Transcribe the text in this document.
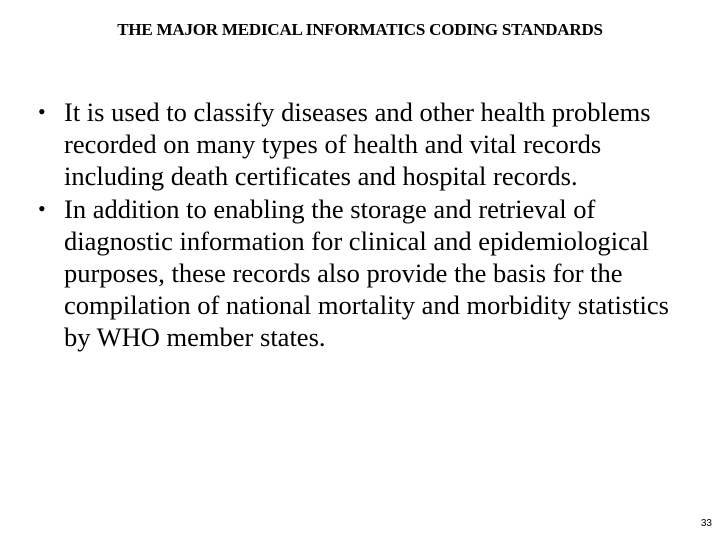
THE MAJOR MEDICAL INFORMATICS CODING STANDARDS
• It is used to classify diseases and other health problems recorded on many types of health and vital records including death certificates and hospital records.
• In addition to enabling the storage and retrieval of diagnostic information for clinical and epidemiological purposes, these records also provide the basis for the compilation of national mortality and morbidity statistics by WHO member states.
33
